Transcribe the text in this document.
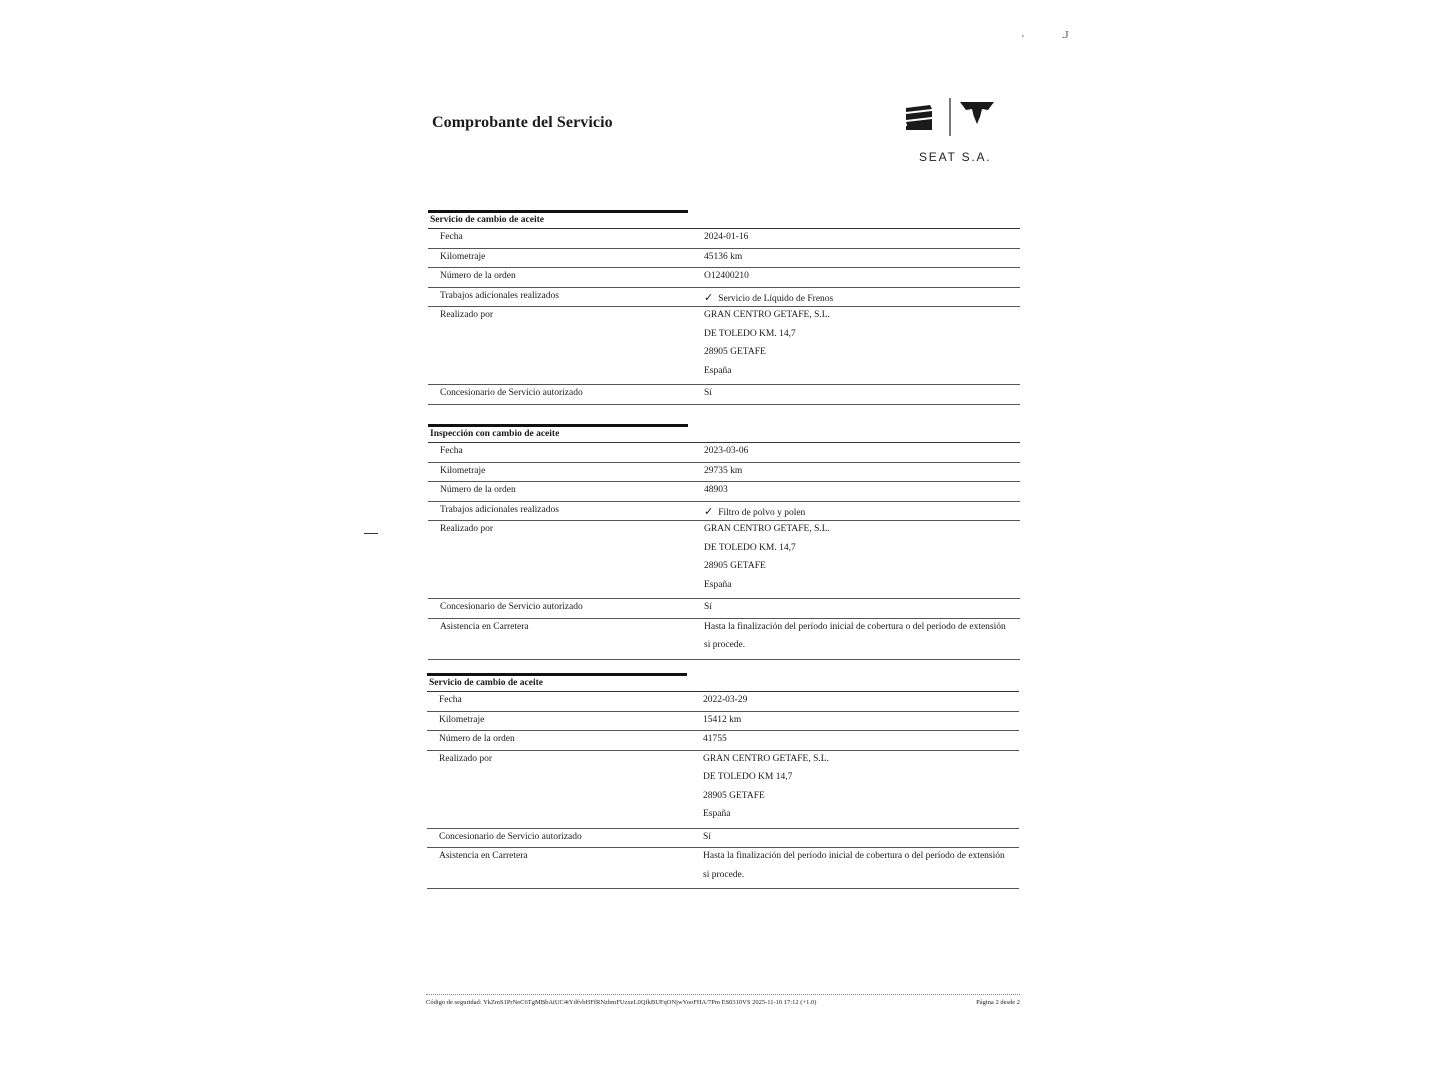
'	.J
Comprobante del Servicio
SEAT S.A.
Servicio de cambio de aceite
Fecha	2024-01-16
Kilometraje	45136 km
Número de la orden	O12400210
Trabajos adicionales realizados	✓ Servicio de Líquido de Frenos
Realizado por	GRAN CENTRO GETAFE, S.L.
DE TOLEDO KM. 14,7
28905 GETAFE
España
Concesionario de Servicio autorizado	Sí
Inspección con cambio de aceite
Fecha	2023-03-06
Kilometraje	29735 km
Número de la orden	48903
Trabajos adicionales realizados	✓ Filtro de polvo y polen
Realizado por	GRAN CENTRO GETAFE, S.L.
DE TOLEDO KM. 14,7
28905 GETAFE
España
Concesionario de Servicio autorizado	Sí
Asistencia en Carretera	Hasta la finalización del período inicial de cobertura o del período de extensión
si procede.
Servicio de cambio de aceite
Fecha	2022-03-29
Kilometraje	15412 km
Número de la orden	41755
Realizado por	GRAN CENTRO GETAFE, S.L.
DE TOLEDO KM 14,7
28905 GETAFE
España
Concesionario de Servicio autorizado	Sí
Asistencia en Carretera	Hasta la finalización del período inicial de cobertura o del período de extensión
si procede.
Código de seguridad: YkZmS1PrNeC6TgMBbAtUC4tYdfvbHFfRNzbmFUzxeL0QfkBUFqONjwYooFHA/7Pm ES0310VS 2025-11-10 17:12 (+1.0)	Página 2 desde 2
